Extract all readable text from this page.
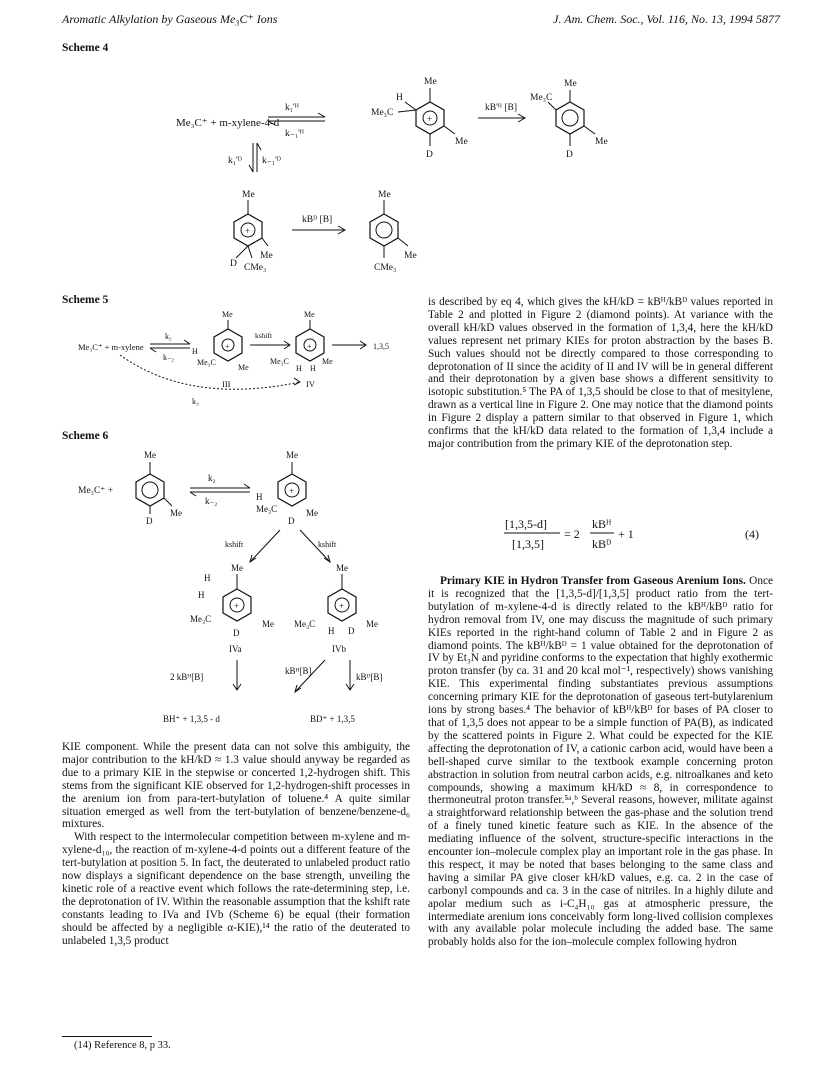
Aromatic Alkylation by Gaseous Me₃C⁺ Ions	J. Am. Chem. Soc., Vol. 116, No. 13, 1994 5877
Scheme 4
Me₃C⁺ + m-xylene-4-d
k₁'ᴴ
k₋₁'ᴴ
+
Me
H
Me₃C
Me
D
kB'ᴴ [B]
Me
Me₃C
Me
D
k₁'ᴰ k₋₁'ᴰ
+
Me
Me
D CMe₃
kBᴰ [B]
Me
Me
CMe₃
Scheme 5
Me₃C⁺ + m-xylene
k₂
k₋₂
+
Me
H
Me₃C
Me
III
kshift
+
Me
Me₃C
H H
Me
IV
1,3,5
k₃
Scheme 6
Me₃C⁺ +
Me
Me
D
k₂
k₋₂
+
Me
H
Me₃C	Me
D
kshift	kshift
+
Me
H
H
Me₃C	Me
D
IVa
+
Me
Me₃C	Me
H D
IVb
2 kBᴴ[B]
kBᴴ[B]
kBᴰ[B]
BH⁺ + 1,3,5 - d	BD⁺ + 1,3,5

KIE component. While the present data can not solve this ambiguity, the major contribution to the kH/kD ≈ 1.3 value should anyway be regarded as due to a primary KIE in the stepwise or concerted 1,2-hydrogen shift. This stems from the significant KIE observed for 1,2-hydrogen-shift processes in the arenium ion from para-tert-butylation of toluene.⁴ A quite similar situation emerged as well from the tert-butylation of benzene/benzene-d₆ mixtures.

With respect to the intermolecular competition between m-xylene and m-xylene-d₁₀, the reaction of m-xylene-4-d points out a different feature of the tert-butylation at position 5. In fact, the deuterated to unlabeled product ratio now displays a significant dependence on the base strength, unveiling the kinetic role of a reactive event which follows the rate-determining step, i.e. the deprotonation of IV. Within the reasonable assumption that the kshift rate constants leading to IVa and IVb (Scheme 6) be equal (their formation should be affected by a negligible α-KIE),¹⁴ the ratio of the deuterated to unlabeled 1,3,5 product

is described by eq 4, which gives the kH/kD = kBᴴ/kBᴰ values reported in Table 2 and plotted in Figure 2 (diamond points). At variance with the overall kH/kD values observed in the formation of 1,3,4, here the kH/kD values represent net primary KIEs for proton abstraction by the bases B. Such values should not be directly compared to those corresponding to deprotonation of II since the acidity of II and IV will be in general different and their deprotonation by a given base shows a different sensitivity to isotopic substitution.⁵ The PA of 1,3,5 should be close to that of mesitylene, drawn as a vertical line in Figure 2. One may notice that the diamond points in Figure 2 display a pattern similar to that observed in Figure 1, which confirms that the kH/kD data related to the formation of 1,3,4 include a major contribution from the primary KIE of the deprotonation step.

[1,3,5-d]
[1,3,5]
= 2
kBᴴ
kBᴰ
+ 1	(4)

Primary KIE in Hydron Transfer from Gaseous Arenium Ions. Once it is recognized that the [1,3,5-d]/[1,3,5] product ratio from the tert-butylation of m-xylene-4-d is directly related to the kBᴴ/kBᴰ ratio for hydron removal from IV, one may discuss the magnitude of such primary KIEs reported in the right-hand column of Table 2 and in Figure 2 as diamond points. The kBᴴ/kBᴰ = 1 value obtained for the deprotonation of IV by Et₃N and pyridine conforms to the expectation that highly exothermic proton transfer (by ca. 31 and 20 kcal mol⁻¹, respectively) shows vanishing KIE. This experimental finding substantiates previous assumptions concerning primary KIE for the deprotonation of gaseous tert-butylarenium ions by strong bases.⁴ The behavior of kBᴴ/kBᴰ for bases of PA closer to that of 1,3,5 does not appear to be a simple function of PA(B), as indicated by the scattered points in Figure 2. What could be expected for the KIE affecting the deprotonation of IV, a cationic carbon acid, would have been a bell-shaped curve similar to the textbook example concerning proton abstraction in solution from neutral carbon acids, e.g. nitroalkanes and keto compounds, showing a maximum kH/kD ≈ 8, in correspondence to thermoneutral proton transfer.⁵ᵃ,ᵇ Several reasons, however, militate against a straightforward relationship between the gas-phase and the solution trend of a finely tuned kinetic feature such as KIE. In the absence of the mediating influence of the solvent, structure-specific interactions in the encounter ion–molecule complex play an important role in the gas phase. In this respect, it may be noted that bases belonging to the same class and having a similar PA give closer kH/kD values, e.g. ca. 2 in the case of carbonyl compounds and ca. 3 in the case of nitriles. In a highly dilute and apolar medium such as i-C₄H₁₀ gas at atmospheric pressure, the intermediate arenium ions conceivably form long-lived collision complexes with any available polar molecule including the added base. The same probably holds also for the ion–molecule complex following hydron

(14) Reference 8, p 33.
